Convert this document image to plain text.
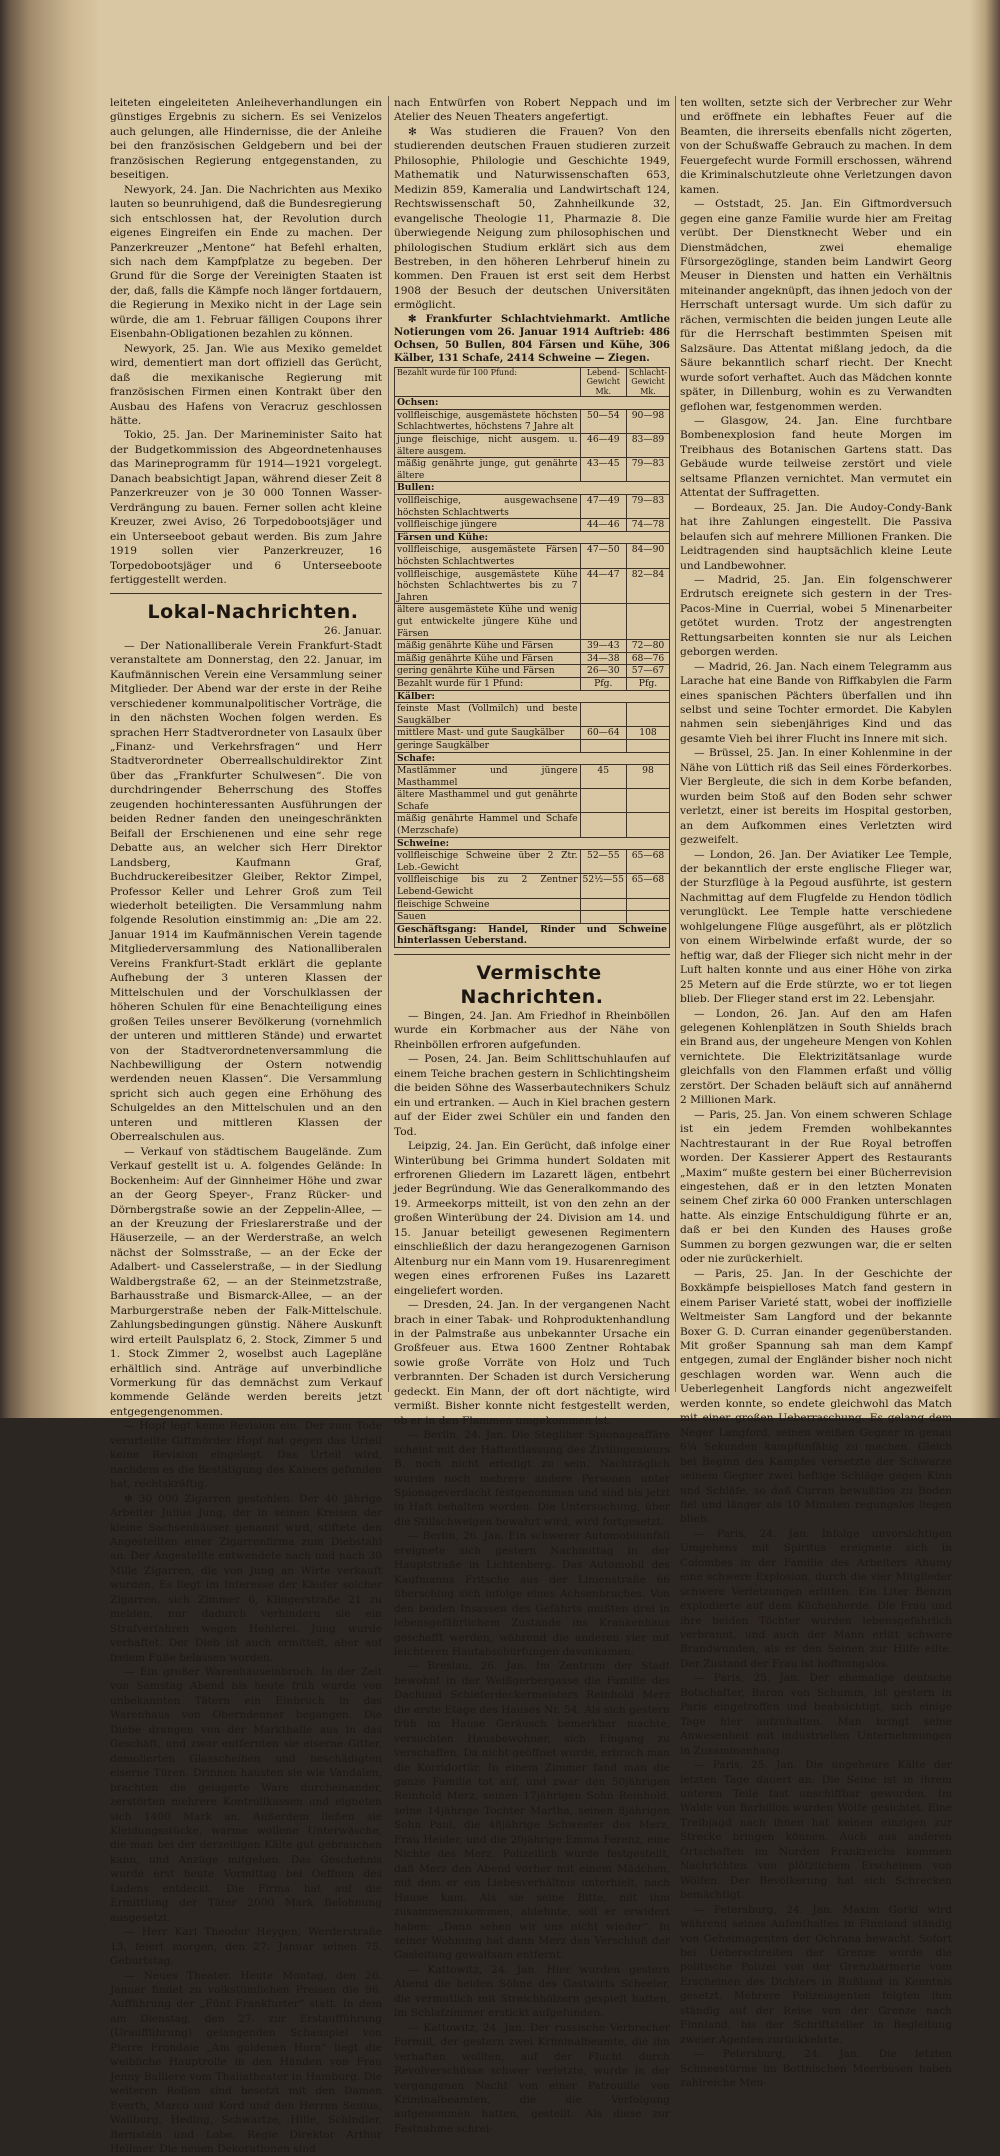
leiteten eingeleiteten Anleiheverhandlungen ein günstiges Ergebnis zu sichern. Es sei Venizelos auch gelungen, alle Hindernisse, die der Anleihe bei den französischen Geldgebern und bei der französischen Regierung entgegenstanden, zu beseitigen.

Newyork, 24. Jan. Die Nachrichten aus Mexiko lauten so beunruhigend, daß die Bundesregierung sich entschlossen hat, der Revolution durch eigenes Eingreifen ein Ende zu machen. Der Panzerkreuzer „Mentone“ hat Befehl erhalten, sich nach dem Kampfplatze zu begeben. Der Grund für die Sorge der Vereinigten Staaten ist der, daß, falls die Kämpfe noch länger fortdauern, die Regierung in Mexiko nicht in der Lage sein würde, die am 1. Februar fälligen Coupons ihrer Eisenbahn-Obligationen bezahlen zu können.

Newyork, 25. Jan. Wie aus Mexiko gemeldet wird, dementiert man dort offiziell das Gerücht, daß die mexikanische Regierung mit französischen Firmen einen Kontrakt über den Ausbau des Hafens von Veracruz geschlossen hätte.

Tokio, 25. Jan. Der Marineminister Saito hat der Budgetkommission des Abgeordnetenhauses das Marineprogramm für 1914—1921 vorgelegt. Danach beabsichtigt Japan, während dieser Zeit 8 Panzerkreuzer von je 30 000 Tonnen Wasser-Verdrängung zu bauen. Ferner sollen acht kleine Kreuzer, zwei Aviso, 26 Torpedobootsjäger und ein Unterseeboot gebaut werden. Bis zum Jahre 1919 sollen vier Panzerkreuzer, 16 Torpedobootsjäger und 6 Unterseeboote fertiggestellt werden.

Lokal-Nachrichten.

26. Januar.

— Der Nationalliberale Verein Frankfurt-Stadt veranstaltete am Donnerstag, den 22. Januar, im Kaufmännischen Verein eine Versammlung seiner Mitglieder. Der Abend war der erste in der Reihe verschiedener kommunalpolitischer Vorträge, die in den nächsten Wochen folgen werden. Es sprachen Herr Stadtverordneter von Lasaulx über „Finanz- und Verkehrsfragen“ und Herr Stadtverordneter Oberreallschuldirektor Zint über das „Frankfurter Schulwesen“. Die von durchdringender Beherrschung des Stoffes zeugenden hochinteressanten Ausführungen der beiden Redner fanden den uneingeschränkten Beifall der Erschienenen und eine sehr rege Debatte aus, an welcher sich Herr Direktor Landsberg, Kaufmann Graf, Buchdruckereibesitzer Gleiber, Rektor Zimpel, Professor Keller und Lehrer Groß zum Teil wiederholt beteiligten. Die Versammlung nahm folgende Resolution einstimmig an: „Die am 22. Januar 1914 im Kaufmännischen Verein tagende Mitgliederversammlung des Nationalliberalen Vereins Frankfurt-Stadt erklärt die geplante Aufhebung der 3 unteren Klassen der Mittelschulen und der Vorschulklassen der höheren Schulen für eine Benachteiligung eines großen Teiles unserer Bevölkerung (vornehmlich der unteren und mittleren Stände) und erwartet von der Stadtverordnetenversammlung die Nachbewilligung der Ostern notwendig werdenden neuen Klassen“. Die Versammlung spricht sich auch gegen eine Erhöhung des Schulgeldes an den Mittelschulen und an den unteren und mittleren Klassen der Oberrealschulen aus.

— Verkauf von städtischem Baugelände. Zum Verkauf gestellt ist u. A. folgendes Gelände: In Bockenheim: Auf der Ginnheimer Höhe und zwar an der Georg Speyer-, Franz Rücker- und Dörnbergstraße sowie an der Zeppelin-Allee, — an der Kreuzung der Frieslarerstraße und der Häuserzeile, — an der Werderstraße, an welch nächst der Solmsstraße, — an der Ecke der Adalbert- und Casselerstraße, — in der Siedlung Waldbergstraße 62, — an der Steinmetzstraße, Barhausstraße und Bismarck-Allee, — an der Marburgerstraße neben der Falk-Mittelschule. Zahlungsbedingungen günstig. Nähere Auskunft wird erteilt Paulsplatz 6, 2. Stock, Zimmer 5 und 1. Stock Zimmer 2, woselbst auch Lagepläne erhältlich sind. Anträge auf unverbindliche Vormerkung für das demnächst zum Verkauf kommende Gelände werden bereits jetzt entgegengenommen.

— Hopf legt keine Revision ein. Der zum Tode verurteilte Giftmörder Hopf hat gegen das Urteil keine Revision eingelegt. Das Urteil wird, nachdem es die Bestätigung des Kaisers gefunden hat, rechtskräftig.

✻ 30 000 Zigarren gestohlen. Der 40 jährige Arbeiter Julius Jung, der in seinen Kreisen der kleine Sachsenhäuser genannt wird, stiftete den Angestellten einer Zigarrenfirma zum Diebstahl an. Der Angestellte entwendete nach und nach 30 Mille Zigarren, die von Jung an Wirte verkauft wurden. Es liegt im Interesse der Käufer solcher Zigarren, sich Zimmer 6, Klingerstraße 21 zu melden, nur dadurch verhindern sie ein Strafverfahren wegen Hehlerei. Jung wurde verhaftet. Der Dieb ist auch ermittelt, aber auf freiem Fuße belassen worden.

— Ein großer Warenhauseinbruch. In der Zeit von Samstag Abend bis heute früh wurde von unbekannten Tätern ein Einbruch in das Warenhaus von Oberndenner begangen. Die Diebe drangen von der Markthalle aus in das Geschäft, und zwar entfernten sie eiserne Gitter, demolierten Glasscheiben und beschädigten eiserne Türen. Drinnen hausten sie wie Vandalen, brachten die gelagerte Ware durcheinander, zerstörten mehrere Kontrollkassen und eigneten sich 1400 Mark an. Außerdem ließen sie Kleidungsstücke, warme wollene Unterwäsche, die man bei der derzeitigen Kälte gut gebrauchen kann, und Anzüge mitgehen. Das Geschehnis wurde erst heute Vormittag bei Oeffnen des Ladens entdeckt. Die Firma hat auf die Ermittlung der Täter 2000 Mark Belohnung ausgesetzt.

— Herr Karl Theodor Heygen, Werderstraße 13, feiert morgen, den 27. Januar seinen 75. Geburtstag.

— Neues Theater. Heute Montag, den 26. Januar findet zu volkstümlichen Preisen die 96. Aufführung der „Fünf Frankfurter“ statt. In dem am Dienstag, den 27. zur Erstaufführung (Uraufführung) gelangenden Schauspiel von Pierre Frondaie „Am goldenen Horn“ liegt die weibliche Hauptrolle in den Händen von Frau Jenny Balliere vom Thaliatheater in Hamburg. Die weiteren Rollen sind besetzt mit den Damen Everth, Marco und Kord und den Herren Senius, Wallburg, Heding, Schwartze, Hille, Schindler, Bernstein und Lobe. Regie Direktor Arthur Hellmer. Die neuen Dekorationen sind

nach Entwürfen von Robert Neppach und im Atelier des Neuen Theaters angefertigt.

✻ Was studieren die Frauen? Von den studierenden deutschen Frauen studieren zurzeit Philosophie, Philologie und Geschichte 1949, Mathematik und Naturwissenschaften 653, Medizin 859, Kameralia und Landwirtschaft 124, Rechtswissenschaft 50, Zahnheilkunde 32, evangelische Theologie 11, Pharmazie 8. Die überwiegende Neigung zum philosophischen und philologischen Studium erklärt sich aus dem Bestreben, in den höheren Lehrberuf hinein zu kommen. Den Frauen ist erst seit dem Herbst 1908 der Besuch der deutschen Universitäten ermöglicht.

✻ Frankfurter Schlachtviehmarkt. Amtliche Notierungen vom 26. Januar 1914 Auftrieb: 486 Ochsen, 50 Bullen, 804 Färsen und Kühe, 306 Kälber, 131 Schafe, 2414 Schweine — Ziegen.

Bezahlt wurde für 100 Pfund:	Lebend-Gewicht Mk.	Schlacht-Gewicht Mk.
Ochsen:		
vollfleischige, ausgemästete höchsten Schlachtwertes, höchstens 7 Jahre alt	50—54	90—98
junge fleischige, nicht ausgem. u. ältere ausgem.	46—49	83—89
mäßig genährte junge, gut genährte ältere	43—45	79—83
Bullen:		
vollfleischige, ausgewachsene höchsten Schlachtwerts	47—49	79—83
vollfleischige jüngere	44—46	74—78
Färsen und Kühe:		
vollfleischige, ausgemästete Färsen höchsten Schlachtwertes	47—50	84—90
vollfleischige, ausgemästete Kühe höchsten Schlachtwertes bis zu 7 Jahren	44—47	82—84
ältere ausgemästete Kühe und wenig gut entwickelte jüngere Kühe und Färsen		
mäßig genährte Kühe und Färsen	39—43	72—80
mäßig genährte Kühe und Färsen	34—38	68—76
gering genährte Kühe und Färsen	26—30	57—67
Bezahlt wurde für 1 Pfund:	Pfg.	Pfg.
Kälber:		
feinste Mast (Vollmilch) und beste Saugkälber		
mittlere Mast- und gute Saugkälber	60—64	108
geringe Saugkälber		
Schafe:		
Mastlämmer und jüngere Masthammel	45	98
ältere Masthammel und gut genährte Schafe		
mäßig genährte Hammel und Schafe (Merzschafe)		
Schweine:		
vollfleischige Schweine über 2 Ztr. Leb.-Gewicht	52—55	65—68
vollfleischige bis zu 2 Zentner Lebend-Gewicht	52½—55	65—68
fleischige Schweine		
Sauen		
Geschäftsgang: Handel, Rinder und Schweine hinterlassen Ueberstand.		

Vermischte Nachrichten.

— Bingen, 24. Jan. Am Friedhof in Rheinböllen wurde ein Korbmacher aus der Nähe von Rheinböllen erfroren aufgefunden.

— Posen, 24. Jan. Beim Schlittschuhlaufen auf einem Teiche brachen gestern in Schlichtingsheim die beiden Söhne des Wasserbautechnikers Schulz ein und ertranken. — Auch in Kiel brachen gestern auf der Eider zwei Schüler ein und fanden den Tod.

Leipzig, 24. Jan. Ein Gerücht, daß infolge einer Winterübung bei Grimma hundert Soldaten mit erfrorenen Gliedern im Lazarett lägen, entbehrt jeder Begründung. Wie das Generalkommando des 19. Armeekorps mitteilt, ist von den zehn an der großen Winterübung der 24. Division am 14. und 15. Januar beteiligt gewesenen Regimentern einschließlich der dazu herangezogenen Garnison Altenburg nur ein Mann vom 19. Husarenregiment wegen eines erfrorenen Fußes ins Lazarett eingeliefert worden.

— Dresden, 24. Jan. In der vergangenen Nacht brach in einer Tabak- und Rohproduktenhandlung in der Palmstraße aus unbekannter Ursache ein Großfeuer aus. Etwa 1600 Zentner Rohtabak sowie große Vorräte von Holz und Tuch verbrannten. Der Schaden ist durch Versicherung gedeckt. Ein Mann, der oft dort nächtigte, wird vermißt. Bisher konnte nicht festgestellt werden, ob er in den Flammen umgekommen ist.

— Berlin, 24. Jan. Die Stegliher Spionageaffäre scheint mit der Haftentlassung des Zivilingenieurs B. noch nicht erledigt zu sein. Nachträglich wurden noch mehrere andere Personen unter Spionageverdacht festgenommen und sind bis jetzt in Haft behalten worden. Die Untersuchung, über die Stillschweigen bewahrt wird, wird fortgesetzt.

— Berlin, 26. Jan. Ein schwerer Automobilunfall ereignete sich gestern Nachmittag in der Hauptstraße in Lichtenberg. Das Automobil des Kaufmanns Fritsche aus der Linienstraße 66 überschlug sich infolge eines Achsenbruches. Von den beiden Insassen des Gefährts mußten drei in lebensgefährlichem Zustande ins Krankenhaus geschafft werden, während die anderen vier mit leichteren Hautabschürfungen davonkamen.

— Breslau, 26. Jan. Im Zentrum der Stadt bewohnt in der Weißgerbergasse die Familie des Dachund Schieferdeckermeisters Reinhold Merz die erste Etage des Hauses Nr. 54. Als sich gestern früh im Hause Geräusch bemerkbar machte, versuchten Hausbewohner, sich Eingang zu verschaffen. Da nicht geöffnet wurde, erbrach man die Korridortür. In einem Zimmer fand man die ganze Familie tot auf, und zwar den 50jährigen Reinhold Merz, seinen 17jährigen Sohn Reinhold, seine 14jährige Tochter Martha, seinen 8jährigen Sohn Paul, die 48jährige Schwester des Merz, Frau Heider, und die 20jährige Emma Ferenz, eine Nichte des Merz. Polizeilich wurde festgestellt, daß Merz den Abend vorher mit einem Mädchen, mit dem er ein Liebesverhältnis unterhielt, nach Hause kam. Als sie seine Bitte, mit ihm zusammenzukommen, ablehnte, soll er erwidert haben: „Dann sehen wir uns nicht wieder“. In seiner Wohnung hat dann Merz den Verschluß der Gasleitung gewaltsam entfernt.

— Kattowitz, 24. Jan. Hier wurden gestern Abend die beiden Söhne des Gastwirts Scheeler, die vermutlich mit Streichhölzern gespielt hatten, im Schlafzimmer erstickt aufgefunden.

— Kattowitz, 24. Jan. Der russische Verbrecher Formill, der gestern zwei Kriminalbeamte, die ihn verhaften wollten, auf der Flucht durch Revolverschüsse schwer verletzte, wurde in der vergangenen Nacht von einer Patrouille von Kriminalbeamten, die die Verfolgung aufgenommen hatten, gestellt. Als diese zur Festnahme schrei-

ten wollten, setzte sich der Verbrecher zur Wehr und eröffnete ein lebhaftes Feuer auf die Beamten, die ihrerseits ebenfalls nicht zögerten, von der Schußwaffe Gebrauch zu machen. In dem Feuergefecht wurde Formill erschossen, während die Kriminalschutzleute ohne Verletzungen davon kamen.

— Oststadt, 25. Jan. Ein Giftmordversuch gegen eine ganze Familie wurde hier am Freitag verübt. Der Dienstknecht Weber und ein Dienstmädchen, zwei ehemalige Fürsorgezöglinge, standen beim Landwirt Georg Meuser in Diensten und hatten ein Verhältnis miteinander angeknüpft, das ihnen jedoch von der Herrschaft untersagt wurde. Um sich dafür zu rächen, vermischten die beiden jungen Leute alle für die Herrschaft bestimmten Speisen mit Salzsäure. Das Attentat mißlang jedoch, da die Säure bekanntlich scharf riecht. Der Knecht wurde sofort verhaftet. Auch das Mädchen konnte später, in Dillenburg, wohin es zu Verwandten geflohen war, festgenommen werden.

— Glasgow, 24. Jan. Eine furchtbare Bombenexplosion fand heute Morgen im Treibhaus des Botanischen Gartens statt. Das Gebäude wurde teilweise zerstört und viele seltsame Pflanzen vernichtet. Man vermutet ein Attentat der Suffragetten.

— Bordeaux, 25. Jan. Die Audoy-Condy-Bank hat ihre Zahlungen eingestellt. Die Passiva belaufen sich auf mehrere Millionen Franken. Die Leidtragenden sind hauptsächlich kleine Leute und Landbewohner.

— Madrid, 25. Jan. Ein folgenschwerer Erdrutsch ereignete sich gestern in der Tres-Pacos-Mine in Cuerrial, wobei 5 Minenarbeiter getötet wurden. Trotz der angestrengten Rettungsarbeiten konnten sie nur als Leichen geborgen werden.

— Madrid, 26. Jan. Nach einem Telegramm aus Larache hat eine Bande von Riffkabylen die Farm eines spanischen Pächters überfallen und ihn selbst und seine Tochter ermordet. Die Kabylen nahmen sein siebenjähriges Kind und das gesamte Vieh bei ihrer Flucht ins Innere mit sich.

— Brüssel, 25. Jan. In einer Kohlenmine in der Nähe von Lüttich riß das Seil eines Förderkorbes. Vier Bergleute, die sich in dem Korbe befanden, wurden beim Stoß auf den Boden sehr schwer verletzt, einer ist bereits im Hospital gestorben, an dem Aufkommen eines Verletzten wird gezweifelt.

— London, 26. Jan. Der Aviatiker Lee Temple, der bekanntlich der erste englische Flieger war, der Sturzflüge à la Pegoud ausführte, ist gestern Nachmittag auf dem Flugfelde zu Hendon tödlich verunglückt. Lee Temple hatte verschiedene wohlgelungene Flüge ausgeführt, als er plötzlich von einem Wirbelwinde erfaßt wurde, der so heftig war, daß der Flieger sich nicht mehr in der Luft halten konnte und aus einer Höhe von zirka 25 Metern auf die Erde stürzte, wo er tot liegen blieb. Der Flieger stand erst im 22. Lebensjahr.

— London, 26. Jan. Auf den am Hafen gelegenen Kohlenplätzen in South Shields brach ein Brand aus, der ungeheure Mengen von Kohlen vernichtete. Die Elektrizitätsanlage wurde gleichfalls von den Flammen erfaßt und völlig zerstört. Der Schaden beläuft sich auf annähernd 2 Millionen Mark.

— Paris, 25. Jan. Von einem schweren Schlage ist ein jedem Fremden wohlbekanntes Nachtrestaurant in der Rue Royal betroffen worden. Der Kassierer Appert des Restaurants „Maxim“ mußte gestern bei einer Bücherrevision eingestehen, daß er in den letzten Monaten seinem Chef zirka 60 000 Franken unterschlagen hatte. Als einzige Entschuldigung führte er an, daß er bei den Kunden des Hauses große Summen zu borgen gezwungen war, die er selten oder nie zurückerhielt.

— Paris, 25. Jan. In der Geschichte der Boxkämpfe beispielloses Match fand gestern in einem Pariser Varieté statt, wobei der inoffizielle Weltmeister Sam Langford und der bekannte Boxer G. D. Curran einander gegenüberstanden. Mit großer Spannung sah man dem Kampf entgegen, zumal der Engländer bisher noch nicht geschlagen worden war. Wenn auch die Ueberlegenheit Langfords nicht angezweifelt werden konnte, so endete gleichwohl das Match mit einer großen Ueberraschung. Es gelang dem Neger Langford, seinen weißen Gegner in genau 6¼ Sekunden kampfunfähig zu machen. Gleich bei Beginn des Kampfes versetzte der Schwarze seinem Gegner zwei heftige Schläge gegen Kinn und Schläfe, so daß Curran bewußtlos zu Boden fiel und länger als 10 Minuten regungslos liegen blieb.

— Paris, 24. Jan. Infolge unvorsichtigen Umgehens mit Spiritus ereignete sich in Colombes in der Familie des Arbeiters Ahumy eine schwere Explosion, durch die vier Mitglieder schwere Verletzungen erlitten. Ein Liter Benzin explodierte auf dem Küchenherde. Die Frau und ihre beiden Töchter wurden lebensgefährlich verbrannt, und auch der Mann erlitt schwere Brandwunden, als er den Seinen zur Hilfe eilte. Der Zustand der Frau ist hoffnungslos.

— Paris, 25. Jan. Der ehemalige deutsche Botschafter, Baron von Schumm, ist gestern in Paris eingetroffen und beabsichtigt, sich einige Tage hier aufzuhalten. Man bringt seine Anwesenheit mit industriellen Unternehmungen in Zusammenhang.

— Paris, 25. Jan. Die ungeheure Kälte der letzten Tage dauert an. Die Seine ist in ihrem unteren Teile fast unschiffbar geworden. Im Walde von Barbillon wurden Wölfe gesichtet. Eine Treibjagd nach ihnen hat keinen einzigen zur Strecke bringen können. Auch aus anderen Ortschaften im Norden Frankreichs kommen Nachrichten von plötzlichem Erscheinen von Wölfen. Der Bevölkerung hat sich Schrecken bemächtigt.

— Petersburg, 24. Jan. Maxim Gorki wird während seines Aufenthaltes in Finnland ständig von Geheimagenten der Ochrana bewacht. Sofort bei Ueberschreiten der Grenze wurde die politische Polizei von der Grenzbarmerie vom Erscheinen des Dichters in Rußland in Kenntnis gesetzt. Mehrere Polizeiagenten folgten ihm ständig auf der Reise von der Grenze nach Finnland, bis der Schriftsteller in Begleitung zweier Agenten zurückkehrte.

— Petersburg, 24. Jan. Die letzten Schneestürme im Bottnischen Meerbusen haben zahlreiche Men-
